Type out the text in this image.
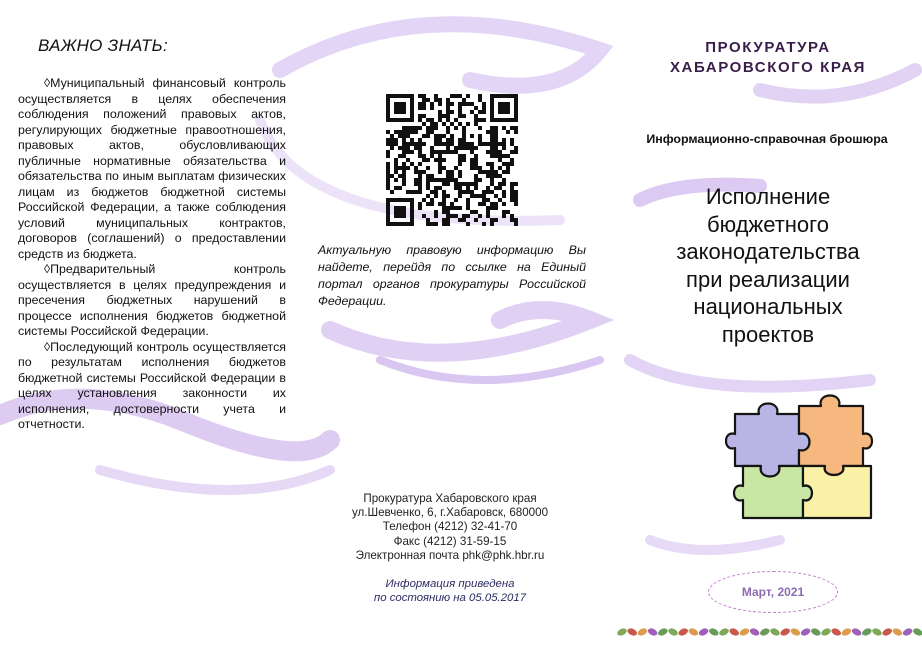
ВАЖНО ЗНАТЬ:

◊Муниципальный финансовый контроль осуществляется в целях обеспечения соблюдения положений правовых актов, регулирующих бюджетные правоотношения, правовых актов, обусловливающих публичные нормативные обязательства и обязательства по иным выплатам физических лицам из бюджетов бюджетной системы Российской Федерации, а также соблюдения условий муниципальных контрактов, договоров (соглашений) о предоставлении средств из бюджета.

◊Предварительный контроль осуществляется в целях предупреждения и пресечения бюджетных нарушений в процессе исполнения бюджетов бюджетной системы Российской Федерации.

◊Последующий контроль осуществляется по результатам исполнения бюджетов бюджетной системы Российской Федерации в целях установления законности их исполнения, достоверности учета и отчетности.

Актуальную правовую информацию Вы найдете, перейдя по ссылке на Единый портал органов прокуратуры Российской Федерации.
Прокуратура Хабаровского края
ул.Шевченко, 6, г.Хабаровск, 680000
Телефон (4212) 32-41-70
Факс (4212) 31-59-15
Электронная почта phk@phk.hbr.ru
Информация приведена
по состоянию на 05.05.2017
ПРОКУРАТУРА
ХАБАРОВСКОГО КРАЯ
Информационно-справочная брошюра
Исполнение
бюджетного
законодательства
при реализации
национальных
проектов
Март, 2021
